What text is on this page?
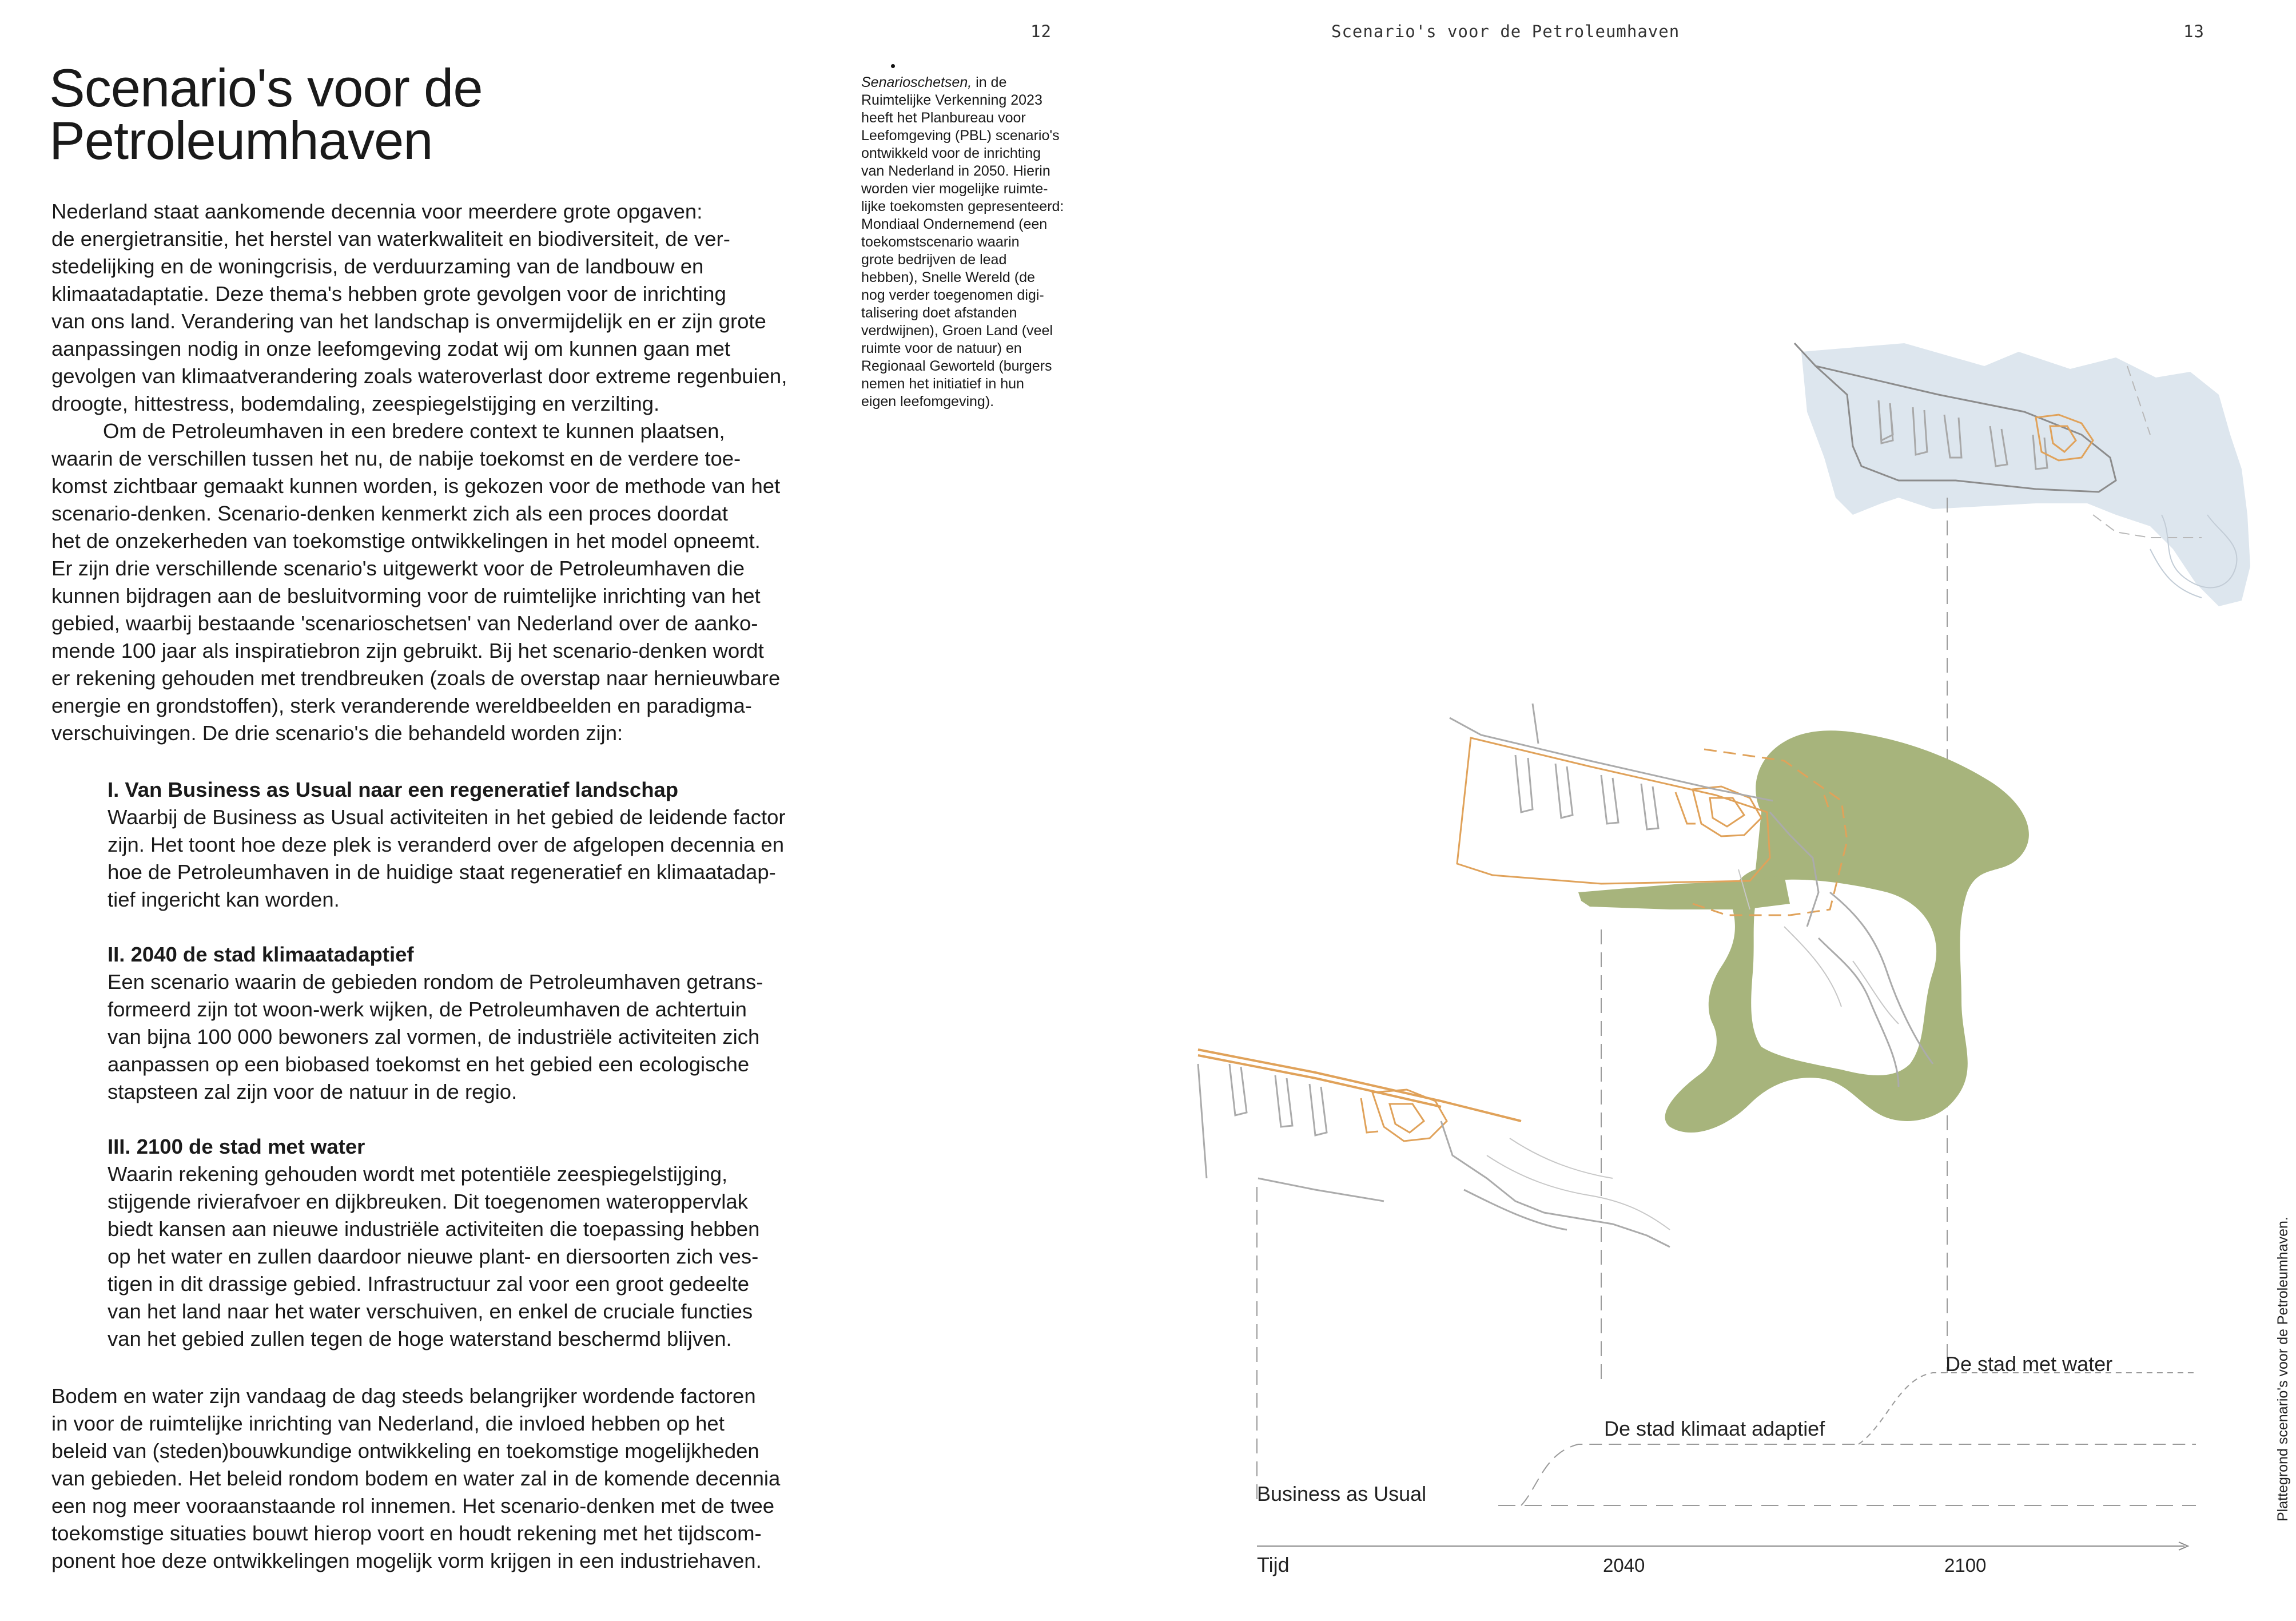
12	Scenario's voor de Petroleumhaven	13
Scenario's voor de
Petroleumhaven

Nederland staat aankomende decennia voor meerdere grote opgaven:

de energietransitie, het herstel van waterkwaliteit en biodiversiteit, de ver-

stedelijking en de woningcrisis, de verduurzaming van de landbouw en

klimaatadaptatie. Deze thema's hebben grote gevolgen voor de inrichting

van ons land. Verandering van het landschap is onvermijdelijk en er zijn grote

aanpassingen nodig in onze leefomgeving zodat wij om kunnen gaan met

gevolgen van klimaatverandering zoals wateroverlast door extreme regenbuien,

droogte, hittestress, bodemdaling, zeespiegelstijging en verzilting.

Om de Petroleumhaven in een bredere context te kunnen plaatsen,

waarin de verschillen tussen het nu, de nabije toekomst en de verdere toe-

komst zichtbaar gemaakt kunnen worden, is gekozen voor de methode van het

scenario-denken. Scenario-denken kenmerkt zich als een proces doordat

het de onzekerheden van toekomstige ontwikkelingen in het model opneemt.

Er zijn drie verschillende scenario's uitgewerkt voor de Petroleumhaven die

kunnen bijdragen aan de besluitvorming voor de ruimtelijke inrichting van het

gebied, waarbij bestaande 'scenarioschetsen' van Nederland over de aanko-

mende 100 jaar als inspiratiebron zijn gebruikt. Bij het scenario-denken wordt

er rekening gehouden met trendbreuken (zoals de overstap naar hernieuwbare

energie en grondstoffen), sterk veranderende wereldbeelden en paradigma-

verschuivingen. De drie scenario's die behandeld worden zijn:

I. Van Business as Usual naar een regeneratief landschap

Waarbij de Business as Usual activiteiten in het gebied de leidende factor

zijn. Het toont hoe deze plek is veranderd over de afgelopen decennia en

hoe de Petroleumhaven in de huidige staat regeneratief en klimaatadap-

tief ingericht kan worden.

II. 2040 de stad klimaatadaptief

Een scenario waarin de gebieden rondom de Petroleumhaven getrans-

formeerd zijn tot woon-werk wijken, de Petroleumhaven de achtertuin

van bijna 100 000 bewoners zal vormen, de industriële activiteiten zich

aanpassen op een biobased toekomst en het gebied een ecologische

stapsteen zal zijn voor de natuur in de regio.

III. 2100 de stad met water

Waarin rekening gehouden wordt met potentiële zeespiegelstijging,

stijgende rivierafvoer en dijkbreuken. Dit toegenomen wateroppervlak

biedt kansen aan nieuwe industriële activiteiten die toepassing hebben

op het water en zullen daardoor nieuwe plant- en diersoorten zich ves-

tigen in dit drassige gebied. Infrastructuur zal voor een groot gedeelte

van het land naar het water verschuiven, en enkel de cruciale functies

van het gebied zullen tegen de hoge waterstand beschermd blijven.

Bodem en water zijn vandaag de dag steeds belangrijker wordende factoren

in voor de ruimtelijke inrichting van Nederland, die invloed hebben op het

beleid van (steden)bouwkundige ontwikkeling en toekomstige mogelijkheden

van gebieden. Het beleid rondom bodem en water zal in de komende decennia

een nog meer vooraanstaande rol innemen. Het scenario-denken met de twee

toekomstige situaties bouwt hierop voort en houdt rekening met het tijdscom-

ponent hoe deze ontwikkelingen mogelijk vorm krijgen in een industriehaven.

Senarioschetsen, in de
Ruimtelijke Verkenning 2023
heeft het Planbureau voor
Leefomgeving (PBL) scenario's
ontwikkeld voor de inrichting
van Nederland in 2050. Hierin
worden vier mogelijke ruimte-
lijke toekomsten gepresenteerd:
Mondiaal Ondernemend (een
toekomstscenario waarin
grote bedrijven de lead
hebben), Snelle Wereld (de
nog verder toegenomen digi-
talisering doet afstanden
verdwijnen), Groen Land (veel
ruimte voor de natuur) en
Regionaal Geworteld (burgers
nemen het initiatief in hun
eigen leefomgeving).
Business as Usual
De stad klimaat adaptief
De stad met water
Tijd	2040	2100
Plattegrond scenario's voor de Petroleumhaven.
